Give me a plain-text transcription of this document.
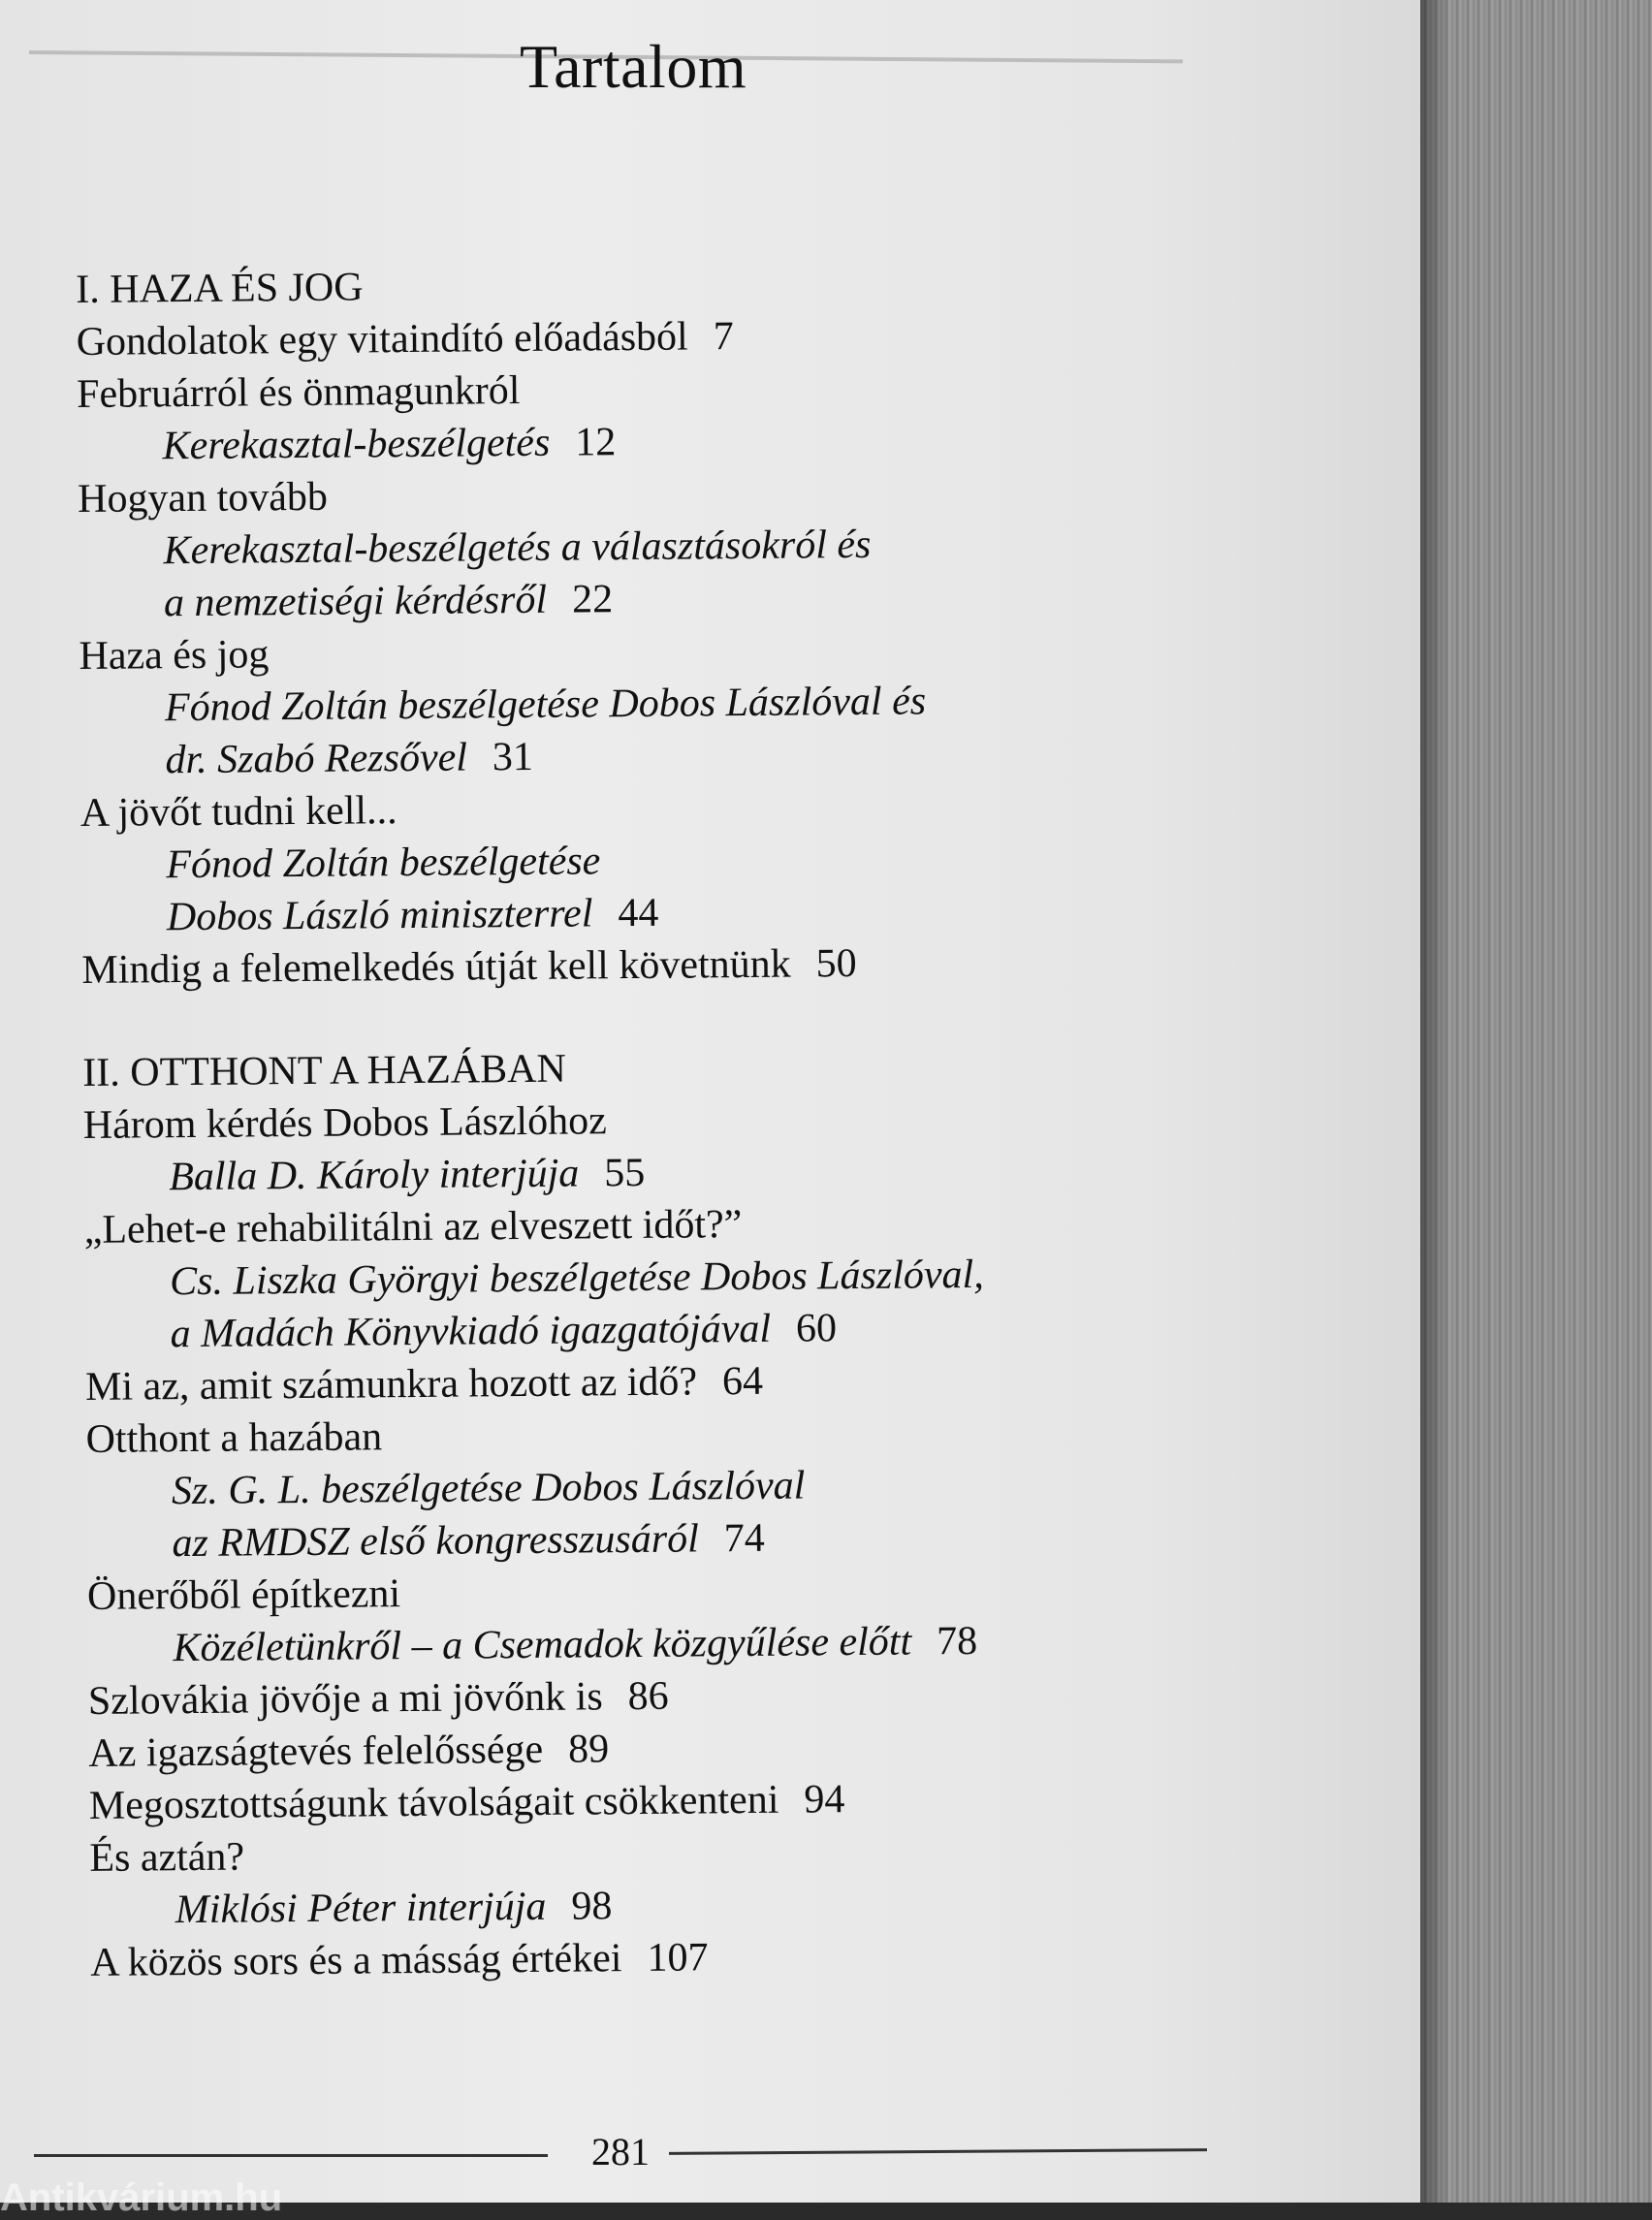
Tartalom
I. HAZA ÉS JOG
Gondolatok egy vitaindító előadásból 7
Februárról és önmagunkról
Kerekasztal-beszélgetés 12
Hogyan tovább
Kerekasztal-beszélgetés a választásokról és
a nemzetiségi kérdésről 22
Haza és jog
Fónod Zoltán beszélgetése Dobos Lászlóval és
dr. Szabó Rezsővel 31
A jövőt tudni kell...
Fónod Zoltán beszélgetése
Dobos László miniszterrel 44
Mindig a felemelkedés útját kell követnünk 50
II. OTTHONT A HAZÁBAN
Három kérdés Dobos Lászlóhoz
Balla D. Károly interjúja 55
„Lehet-e rehabilitálni az elveszett időt?”
Cs. Liszka Györgyi beszélgetése Dobos Lászlóval,
a Madách Könyvkiadó igazgatójával 60
Mi az, amit számunkra hozott az idő? 64
Otthont a hazában
Sz. G. L. beszélgetése Dobos Lászlóval
az RMDSZ első kongresszusáról 74
Önerőből építkezni
Közéletünkről – a Csemadok közgyűlése előtt 78
Szlovákia jövője a mi jövőnk is 86
Az igazságtevés felelőssége 89
Megosztottságunk távolságait csökkenteni 94
És aztán?
Miklósi Péter interjúja 98
A közös sors és a másság értékei 107
281
Antikvárium.hu
